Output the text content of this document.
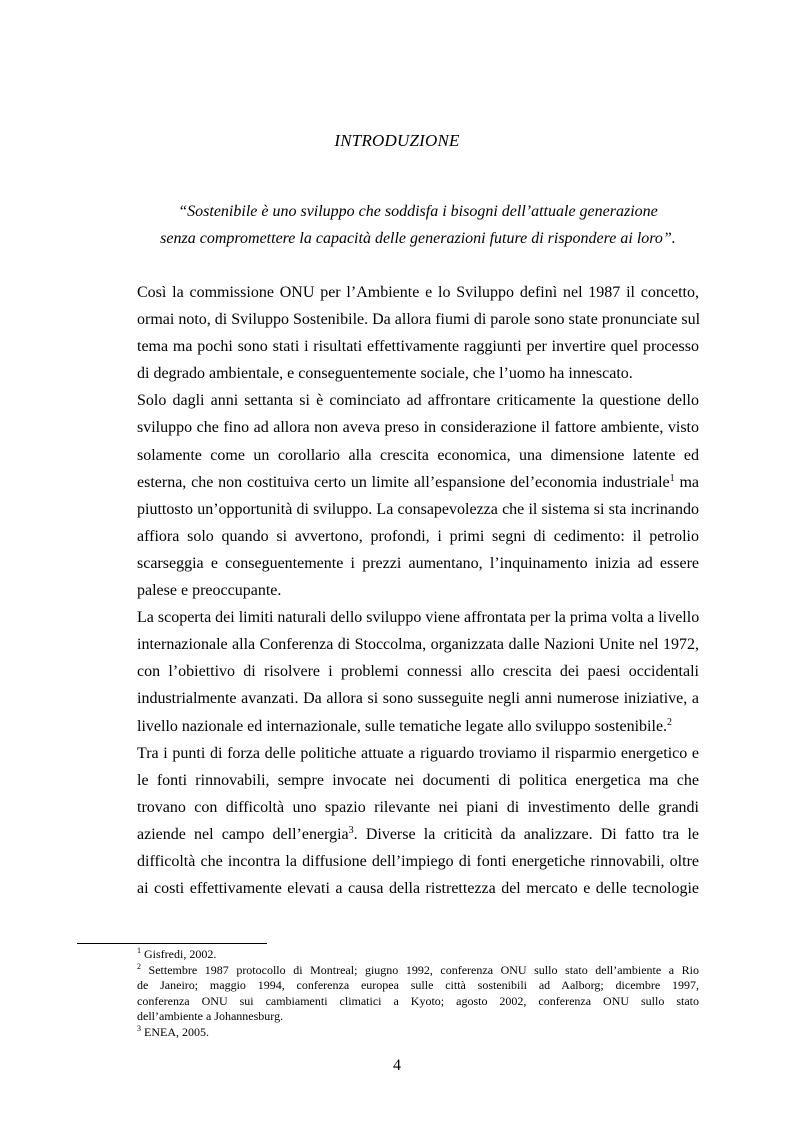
INTRODUZIONE
“Sostenibile è uno sviluppo che soddisfa i bisogni dell’attuale generazione
senza compromettere la capacità delle generazioni future di rispondere ai loro”.
Così la commissione ONU per l’Ambiente e lo Sviluppo definì nel 1987 il concetto,
ormai noto, di Sviluppo Sostenibile. Da allora fiumi di parole sono state pronunciate sul
tema ma pochi sono stati i risultati effettivamente raggiunti per invertire quel processo
di degrado ambientale, e conseguentemente sociale, che l’uomo ha innescato.
Solo dagli anni settanta si è cominciato ad affrontare criticamente la questione dello
sviluppo che fino ad allora non aveva preso in considerazione il fattore ambiente, visto
solamente come un corollario alla crescita economica, una dimensione latente ed
esterna, che non costituiva certo un limite all’espansione del’economia industriale$^1$ ma
piuttosto un’opportunità di sviluppo. La consapevolezza che il sistema si sta incrinando
affiora solo quando si avvertono, profondi, i primi segni di cedimento: il petrolio
scarseggia e conseguentemente i prezzi aumentano, l’inquinamento inizia ad essere
palese e preoccupante.
La scoperta dei limiti naturali dello sviluppo viene affrontata per la prima volta a livello
internazionale alla Conferenza di Stoccolma, organizzata dalle Nazioni Unite nel 1972,
con l’obiettivo di risolvere i problemi connessi allo crescita dei paesi occidentali
industrialmente avanzati. Da allora si sono susseguite negli anni numerose iniziative, a
livello nazionale ed internazionale, sulle tematiche legate allo sviluppo sostenibile.$^2$
Tra i punti di forza delle politiche attuate a riguardo troviamo il risparmio energetico e
le fonti rinnovabili, sempre invocate nei documenti di politica energetica ma che
trovano con difficoltà uno spazio rilevante nei piani di investimento delle grandi
aziende nel campo dell’energia$^3$. Diverse la criticità da analizzare. Di fatto tra le
difficoltà che incontra la diffusione dell’impiego di fonti energetiche rinnovabili, oltre
ai costi effettivamente elevati a causa della ristrettezza del mercato e delle tecnologie
$^1$ Gisfredi, 2002.
$^2$ Settembre 1987 protocollo di Montreal; giugno 1992, conferenza ONU sullo stato dell’ambiente a Rio
de Janeiro; maggio 1994, conferenza europea sulle città sostenibili ad Aalborg; dicembre 1997,
conferenza ONU sui cambiamenti climatici a Kyoto; agosto 2002, conferenza ONU sullo stato
dell’ambiente a Johannesburg.
$^3$ ENEA, 2005.
4
